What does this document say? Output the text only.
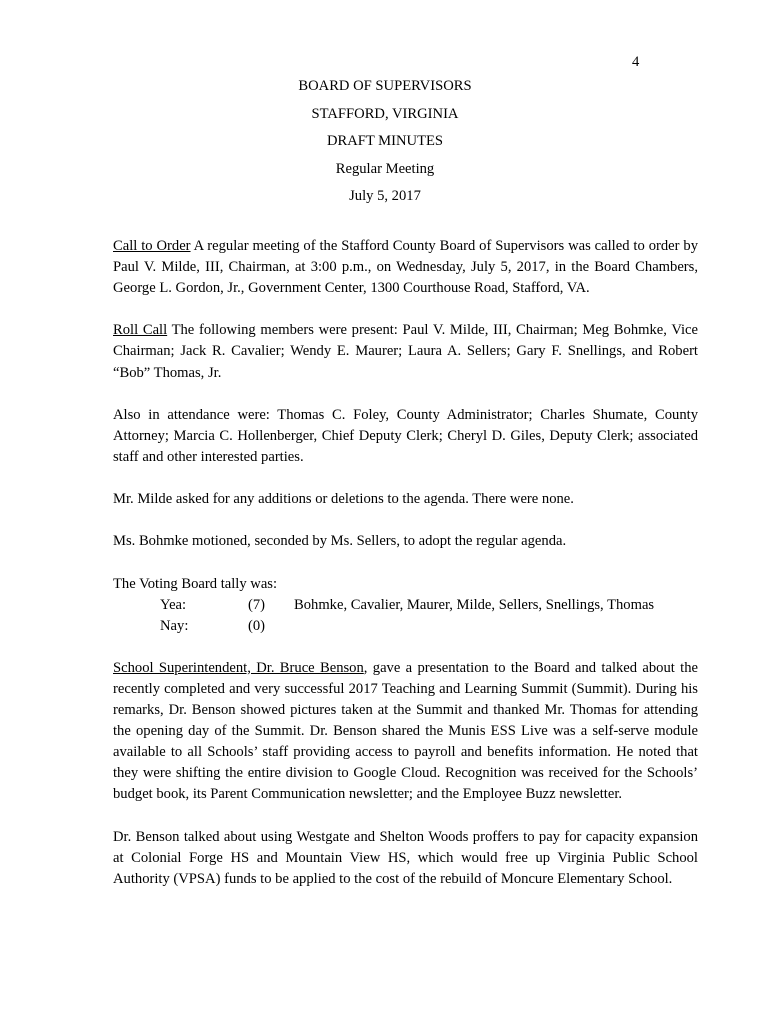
4
BOARD OF SUPERVISORS
STAFFORD, VIRGINIA
DRAFT MINUTES
Regular Meeting
July 5, 2017

Call to Order A regular meeting of the Stafford County Board of Supervisors was called to order by Paul V. Milde, III, Chairman, at 3:00 p.m., on Wednesday, July 5, 2017, in the Board Chambers, George L. Gordon, Jr., Government Center, 1300 Courthouse Road, Stafford, VA.

Roll Call The following members were present: Paul V. Milde, III, Chairman; Meg Bohmke, Vice Chairman; Jack R. Cavalier; Wendy E. Maurer; Laura A. Sellers; Gary F. Snellings, and Robert “Bob” Thomas, Jr.

Also in attendance were: Thomas C. Foley, County Administrator; Charles Shumate, County Attorney; Marcia C. Hollenberger, Chief Deputy Clerk; Cheryl D. Giles, Deputy Clerk; associated staff and other interested parties.

Mr. Milde asked for any additions or deletions to the agenda. There were none.

Ms. Bohmke motioned, seconded by Ms. Sellers, to adopt the regular agenda.

The Voting Board tally was:

Yea:	(7) Bohmke, Cavalier, Maurer, Milde, Sellers, Snellings, Thomas
Nay:	(0)

School Superintendent, Dr. Bruce Benson, gave a presentation to the Board and talked about the recently completed and very successful 2017 Teaching and Learning Summit (Summit). During his remarks, Dr. Benson showed pictures taken at the Summit and thanked Mr. Thomas for attending the opening day of the Summit. Dr. Benson shared the Munis ESS Live was a self-serve module available to all Schools’ staff providing access to payroll and benefits information. He noted that they were shifting the entire division to Google Cloud. Recognition was received for the Schools’ budget book, its Parent Communication newsletter; and the Employee Buzz newsletter.

Dr. Benson talked about using Westgate and Shelton Woods proffers to pay for capacity expansion at Colonial Forge HS and Mountain View HS, which would free up Virginia Public School Authority (VPSA) funds to be applied to the cost of the rebuild of Moncure Elementary School.
